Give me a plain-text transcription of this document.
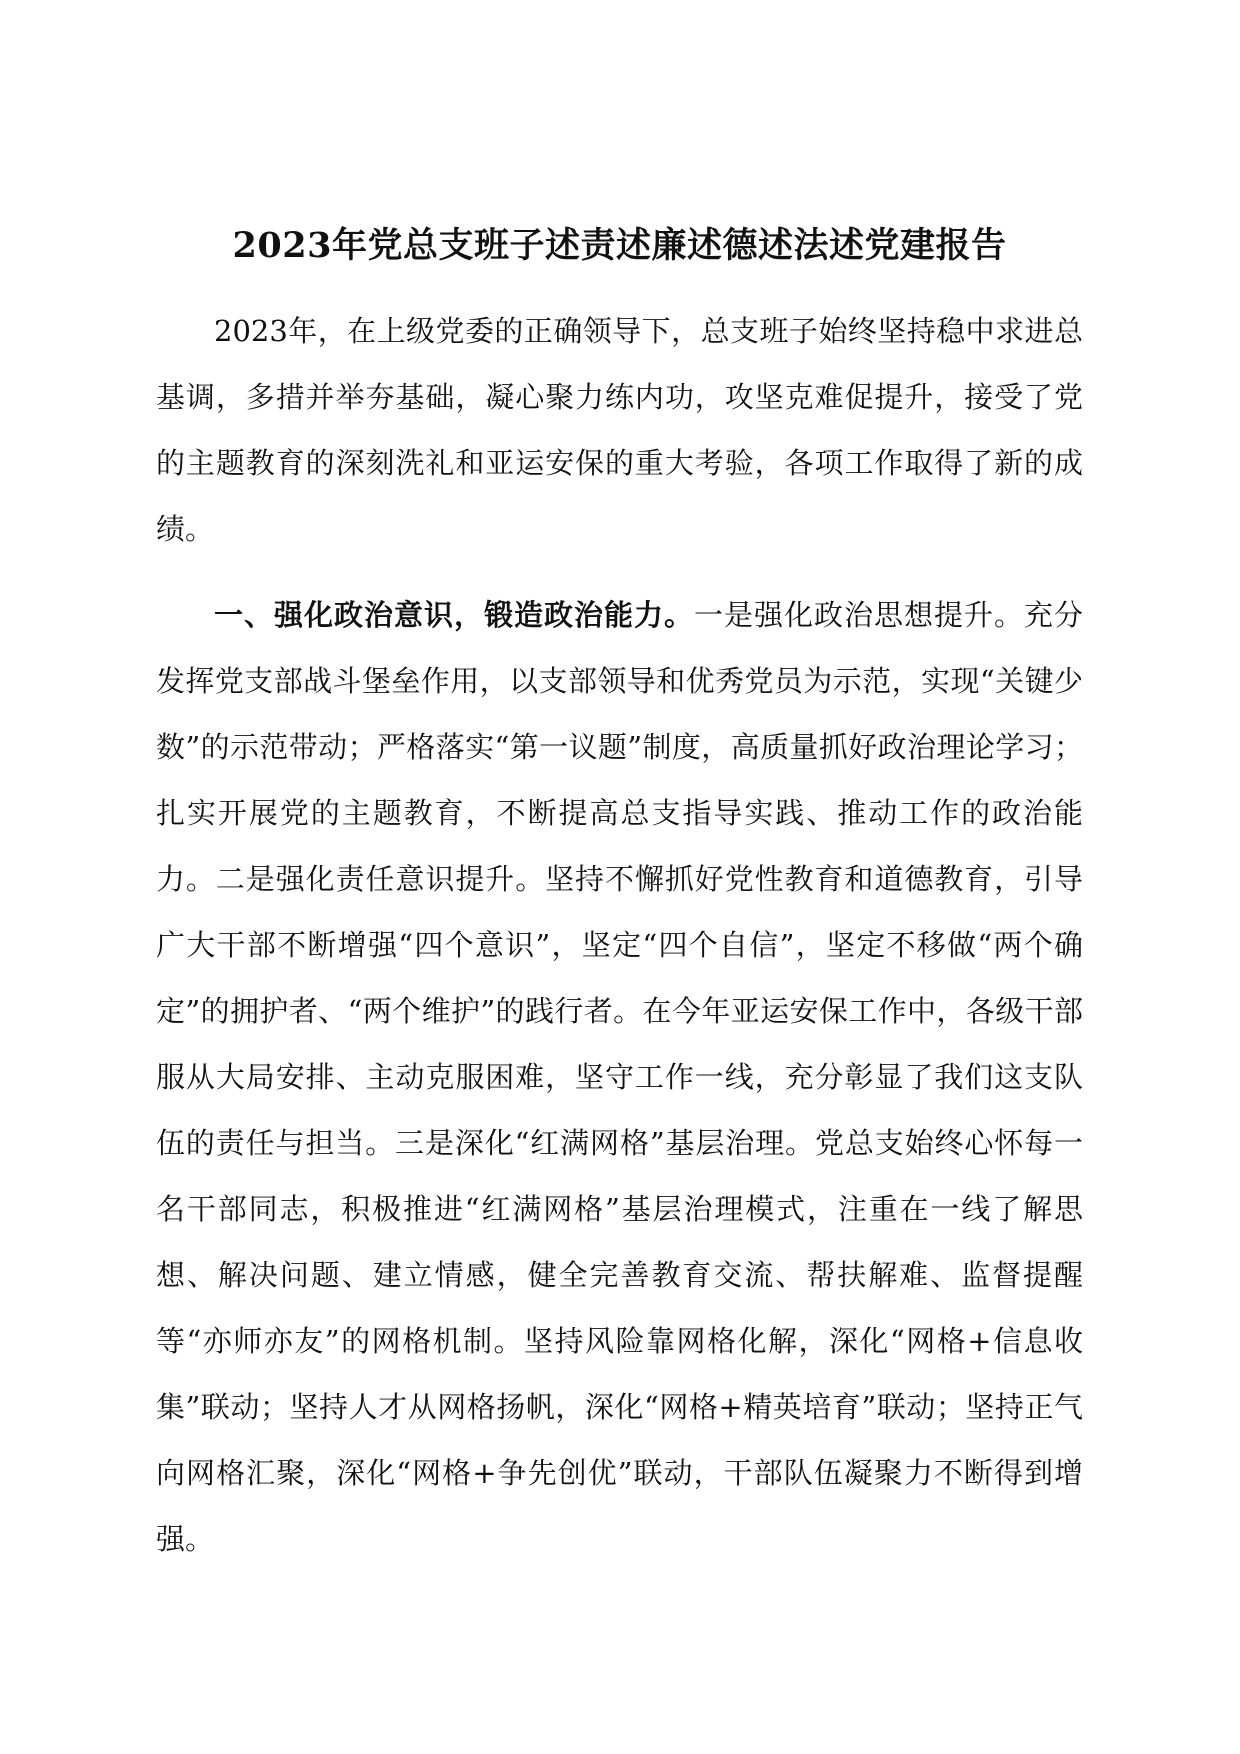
2023年党总支班子述责述廉述德述法述党建报告

2023年，在上级党委的正确领导下，总支班子始终坚持稳中求进总基调，多措并举夯基础，凝心聚力练内功，攻坚克难促提升，接受了党的主题教育的深刻洗礼和亚运安保的重大考验，各项工作取得了新的成绩。

一、强化政治意识，锻造政治能力。一是强化政治思想提升。充分发挥党支部战斗堡垒作用，以支部领导和优秀党员为示范，实现“关键少数”的示范带动；严格落实“第一议题”制度，高质量抓好政治理论学习；扎实开展党的主题教育，不断提高总支指导实践、推动工作的政治能力。二是强化责任意识提升。坚持不懈抓好党性教育和道德教育，引导广大干部不断增强“四个意识”，坚定“四个自信”，坚定不移做“两个确定”的拥护者、“两个维护”的践行者。在今年亚运安保工作中，各级干部服从大局安排、主动克服困难，坚守工作一线，充分彰显了我们这支队伍的责任与担当。三是深化“红满网格”基层治理。党总支始终心怀每一名干部同志，积极推进“红满网格”基层治理模式，注重在一线了解思想、解决问题、建立情感，健全完善教育交流、帮扶解难、监督提醒等“亦师亦友”的网格机制。坚持风险靠网格化解，深化“网格+信息收集”联动；坚持人才从网格扬帆，深化“网格+精英培育”联动；坚持正气向网格汇聚，深化“网格+争先创优”联动，干部队伍凝聚力不断得到增强。
